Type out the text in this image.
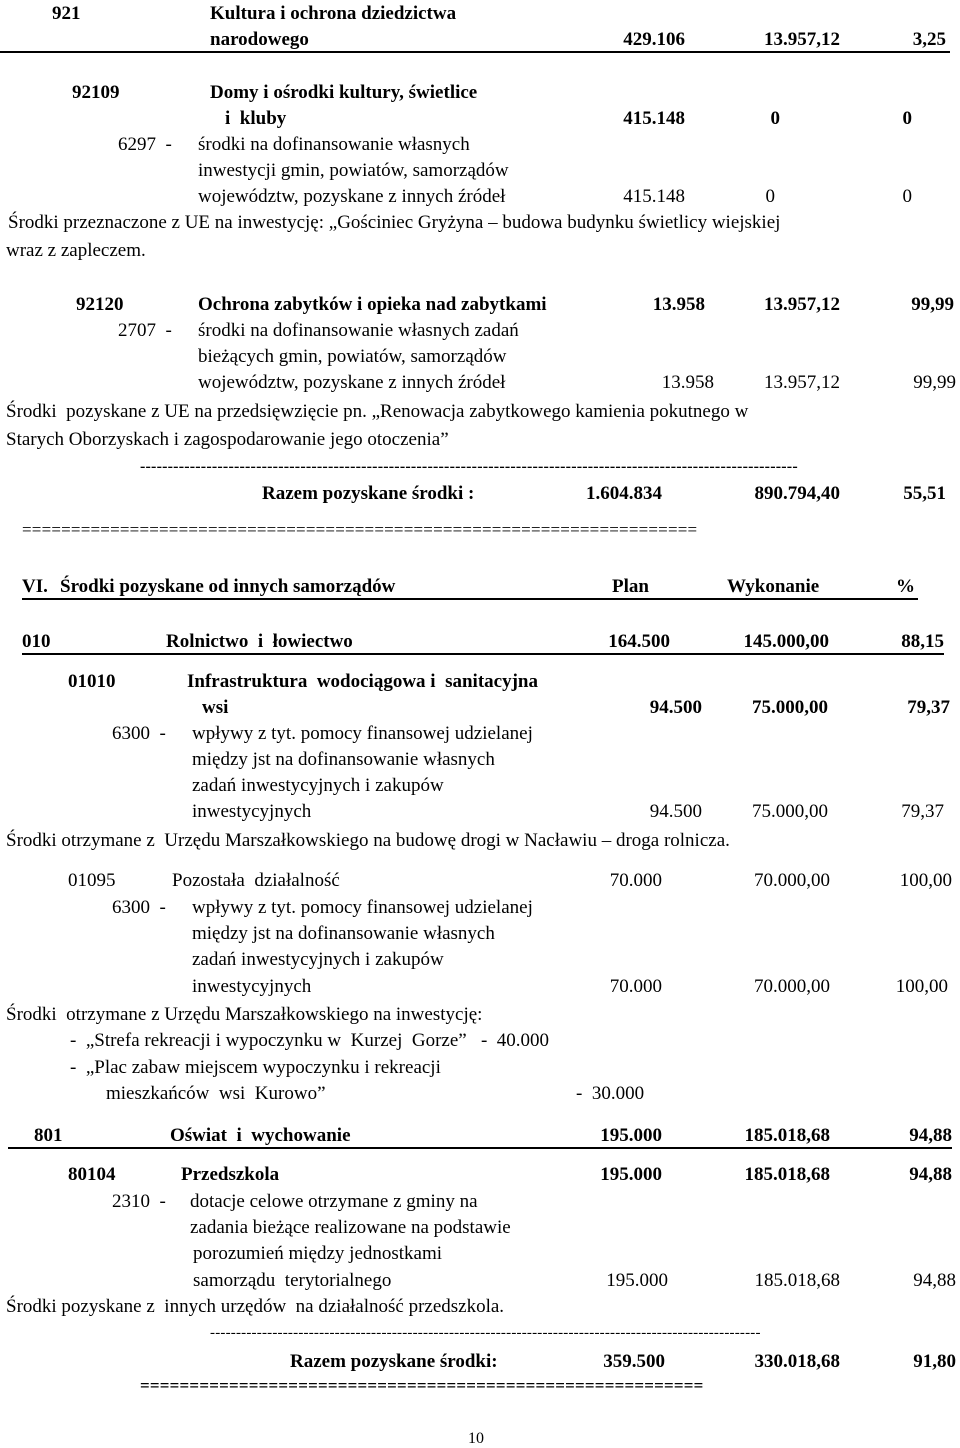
921	Kultura i ochrona dziedzictwa
narodowego	429.106	13.957,12	3,25
92109	Domy i ośrodki kultury, świetlice
i  kluby	415.148	0	0
6297  - środki na dofinansowanie własnych
inwestycji gmin, powiatów, samorządów
województw, pozyskane z innych źródeł	415.148	0	0
Środki przeznaczone z UE na inwestycję: „Gościniec Gryżyna – budowa budynku świetlicy wiejskiej
wraz z zapleczem.
92120	Ochrona zabytków i opieka nad zabytkami	13.958	13.957,12	99,99
2707  - środki na dofinansowanie własnych zadań
bieżących gmin, powiatów, samorządów
województw, pozyskane z innych źródeł	13.958	13.957,12	99,99
Środki  pozyskane z UE na przedsięwzięcie pn. „Renowacja zabytkowego kamienia pokutnego w
Starych Oborzyskach i zagospodarowanie jego otoczenia”
-----------------------------------------------------------------------------------------------------------------------
Razem pozyskane środki :	1.604.834	890.794,40	55,51
=====================================================================
VI. Środki pozyskane od innych samorządów	Plan	Wykonanie	%
010	Rolnictwo  i  łowiectwo	164.500	145.000,00	88,15
01010	Infrastruktura  wodociągowa i  sanitacyjna
wsi	94.500	75.000,00	79,37
6300  - wpływy z tyt. pomocy finansowej udzielanej
między jst na dofinansowanie własnych
zadań inwestycyjnych i zakupów
inwestycyjnych	94.500	75.000,00	79,37
Środki otrzymane z  Urzędu Marszałkowskiego na budowę drogi w Nacławiu – droga rolnicza.
01095	Pozostała  działalność	70.000	70.000,00	100,00
6300  - wpływy z tyt. pomocy finansowej udzielanej
między jst na dofinansowanie własnych
zadań inwestycyjnych i zakupów
inwestycyjnych	70.000	70.000,00	100,00
Środki  otrzymane z Urzędu Marszałkowskiego na inwestycję:
-  „Strefa rekreacji i wypoczynku w  Kurzej  Gorze”   -  40.000
-  „Plac zabaw miejscem wypoczynku i rekreacji
mieszkańców  wsi  Kurowo”	-  30.000
801	Oświat  i  wychowanie	195.000	185.018,68	94,88
80104	Przedszkola	195.000	185.018,68	94,88
2310  - dotacje celowe otrzymane z gminy na
zadania bieżące realizowane na podstawie
porozumień między jednostkami
samorządu  terytorialnego	195.000	185.018,68	94,88
Środki pozyskane z  innych urzędów  na działalność przedszkola.
----------------------------------------------------------------------------------------------------------
Razem pozyskane środki:	359.500	330.018,68	91,80
=========================================================
10
